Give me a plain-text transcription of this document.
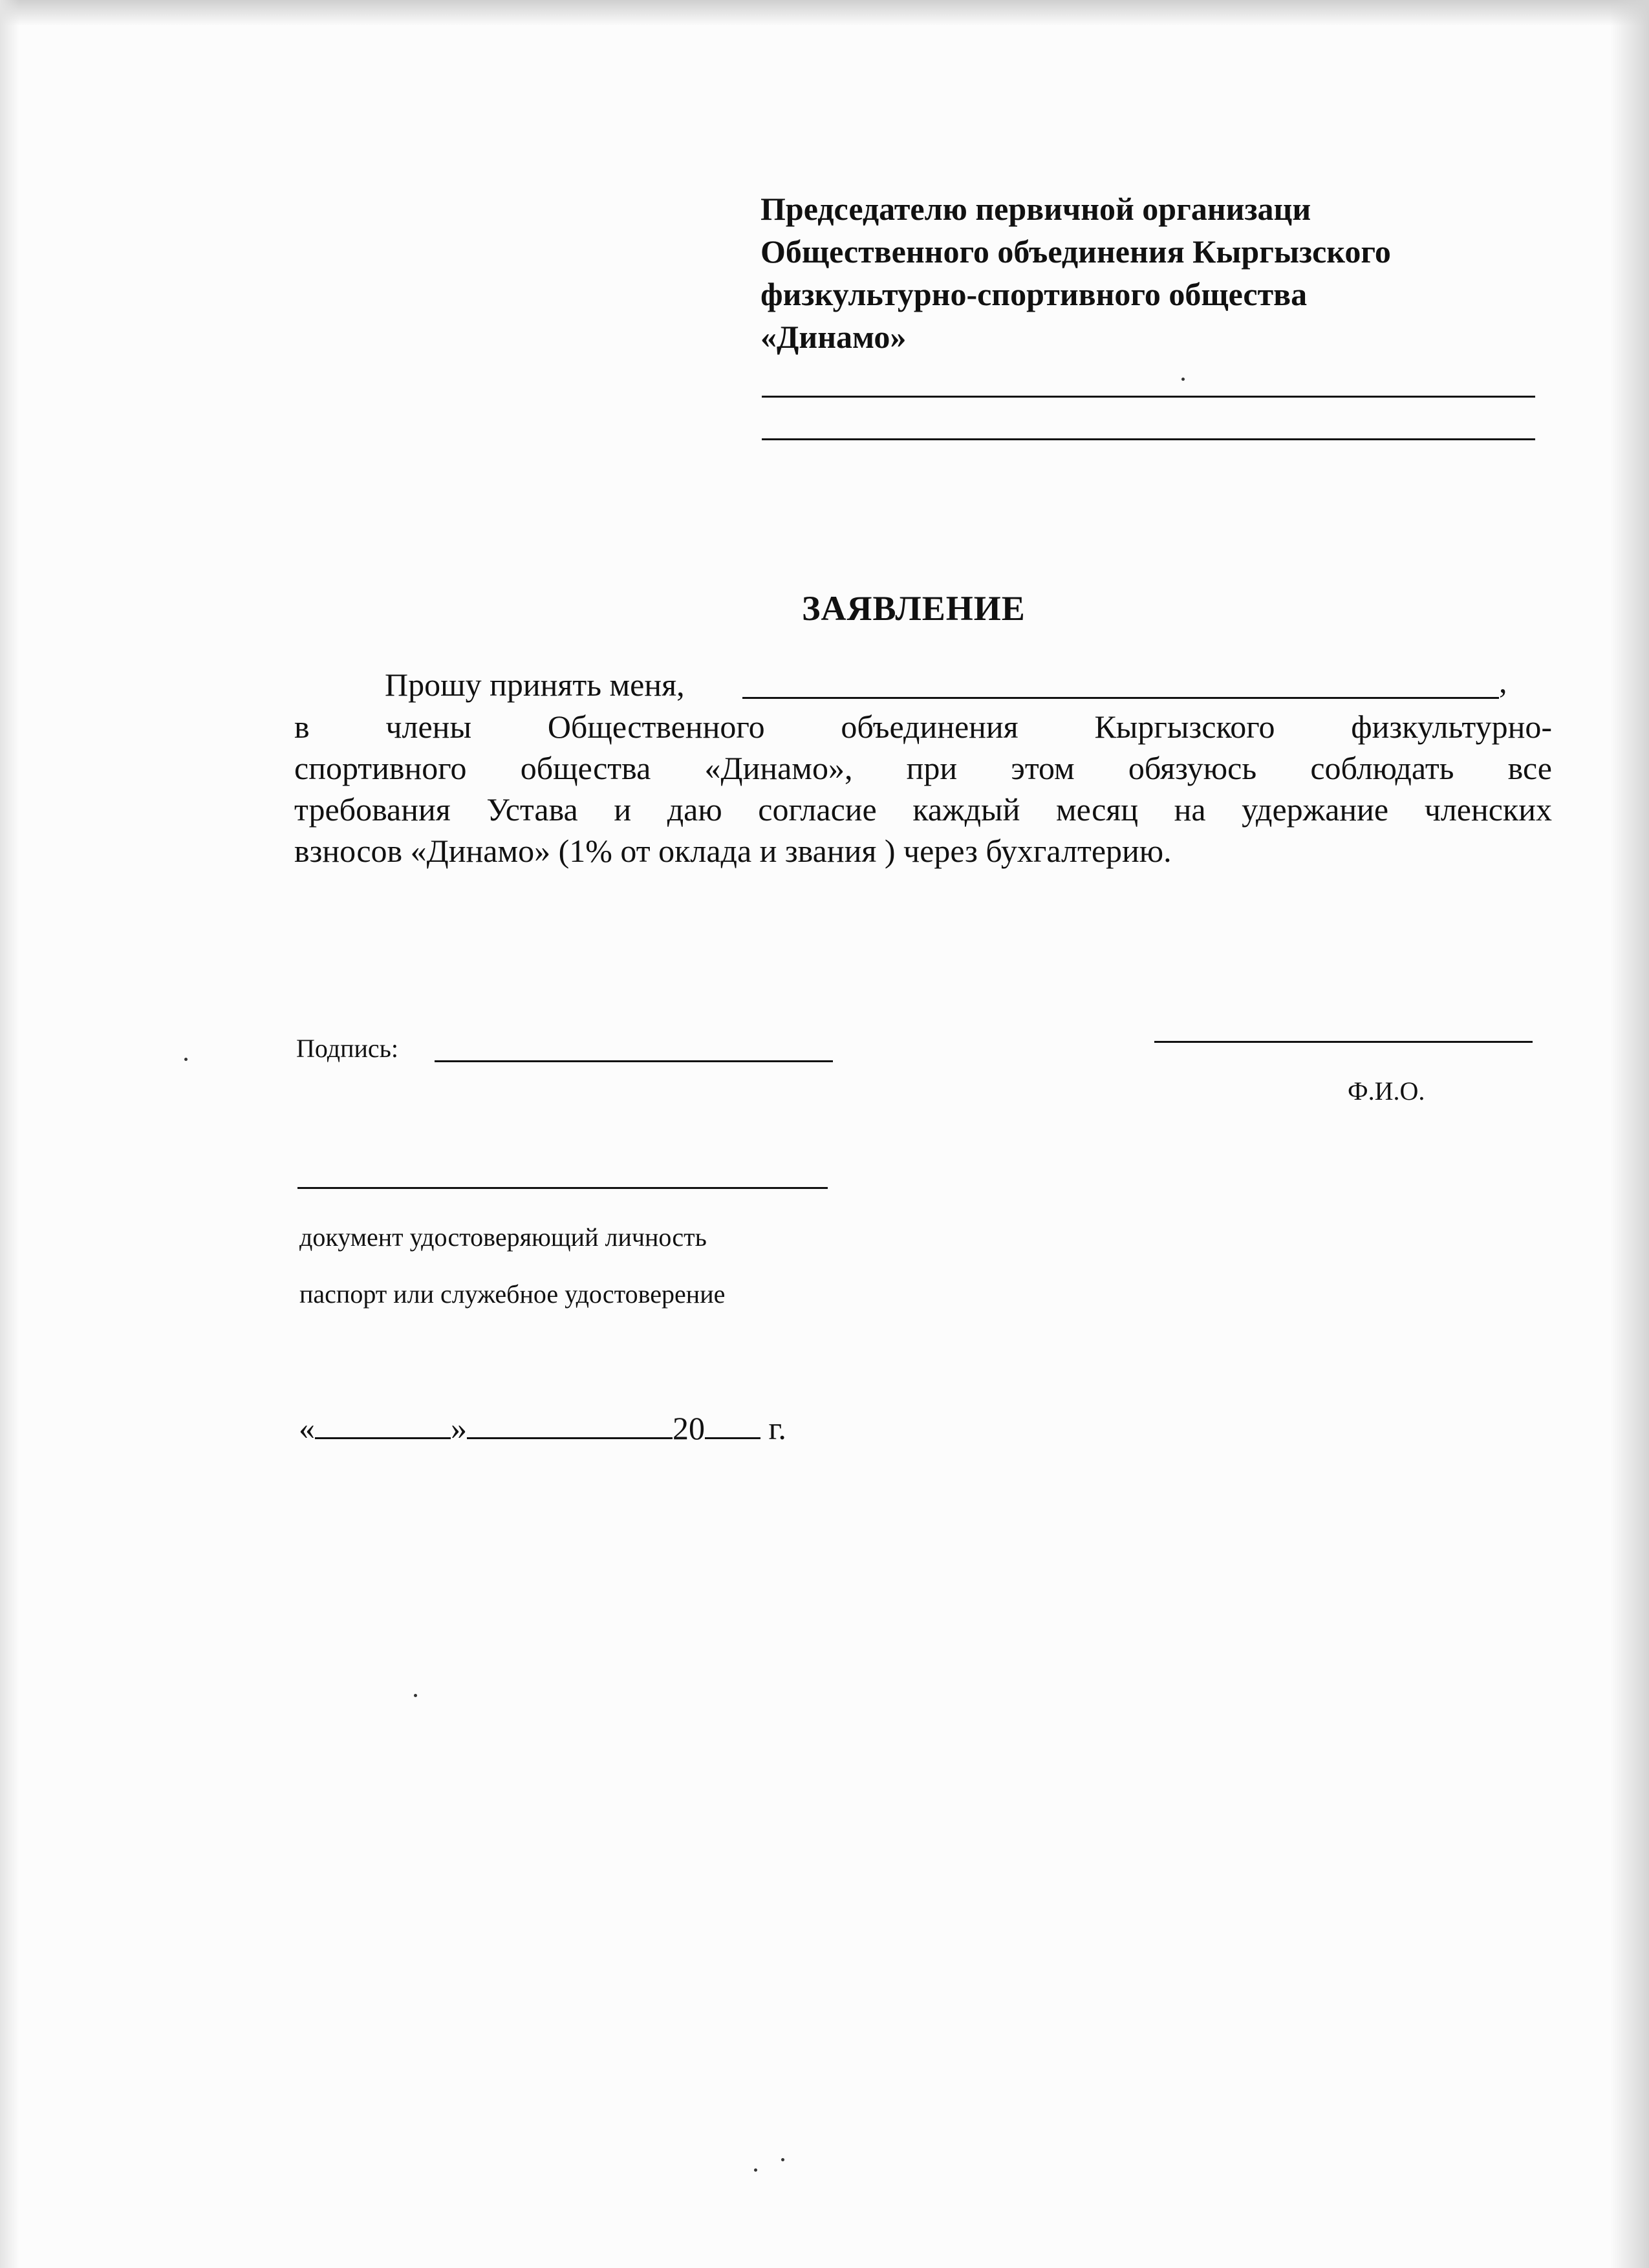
Председателю первичной организаци
Общественного объединения Кыргызского
физкультурно-спортивного общества
«Динамо»
ЗАЯВЛЕНИЕ
Прошу принять меня,	,
в члены Общественного объединения Кыргызского физкультурно-
спортивного общества «Динамо», при этом обязуюсь соблюдать все
требования Устава и даю согласие каждый месяц на удержание членских
взносов «Динамо» (1% от оклада и звания ) через бухгалтерию.
Подпись:
Ф.И.О.
документ удостоверяющий личность
паспорт или служебное удостоверение
«	»	20 г.
